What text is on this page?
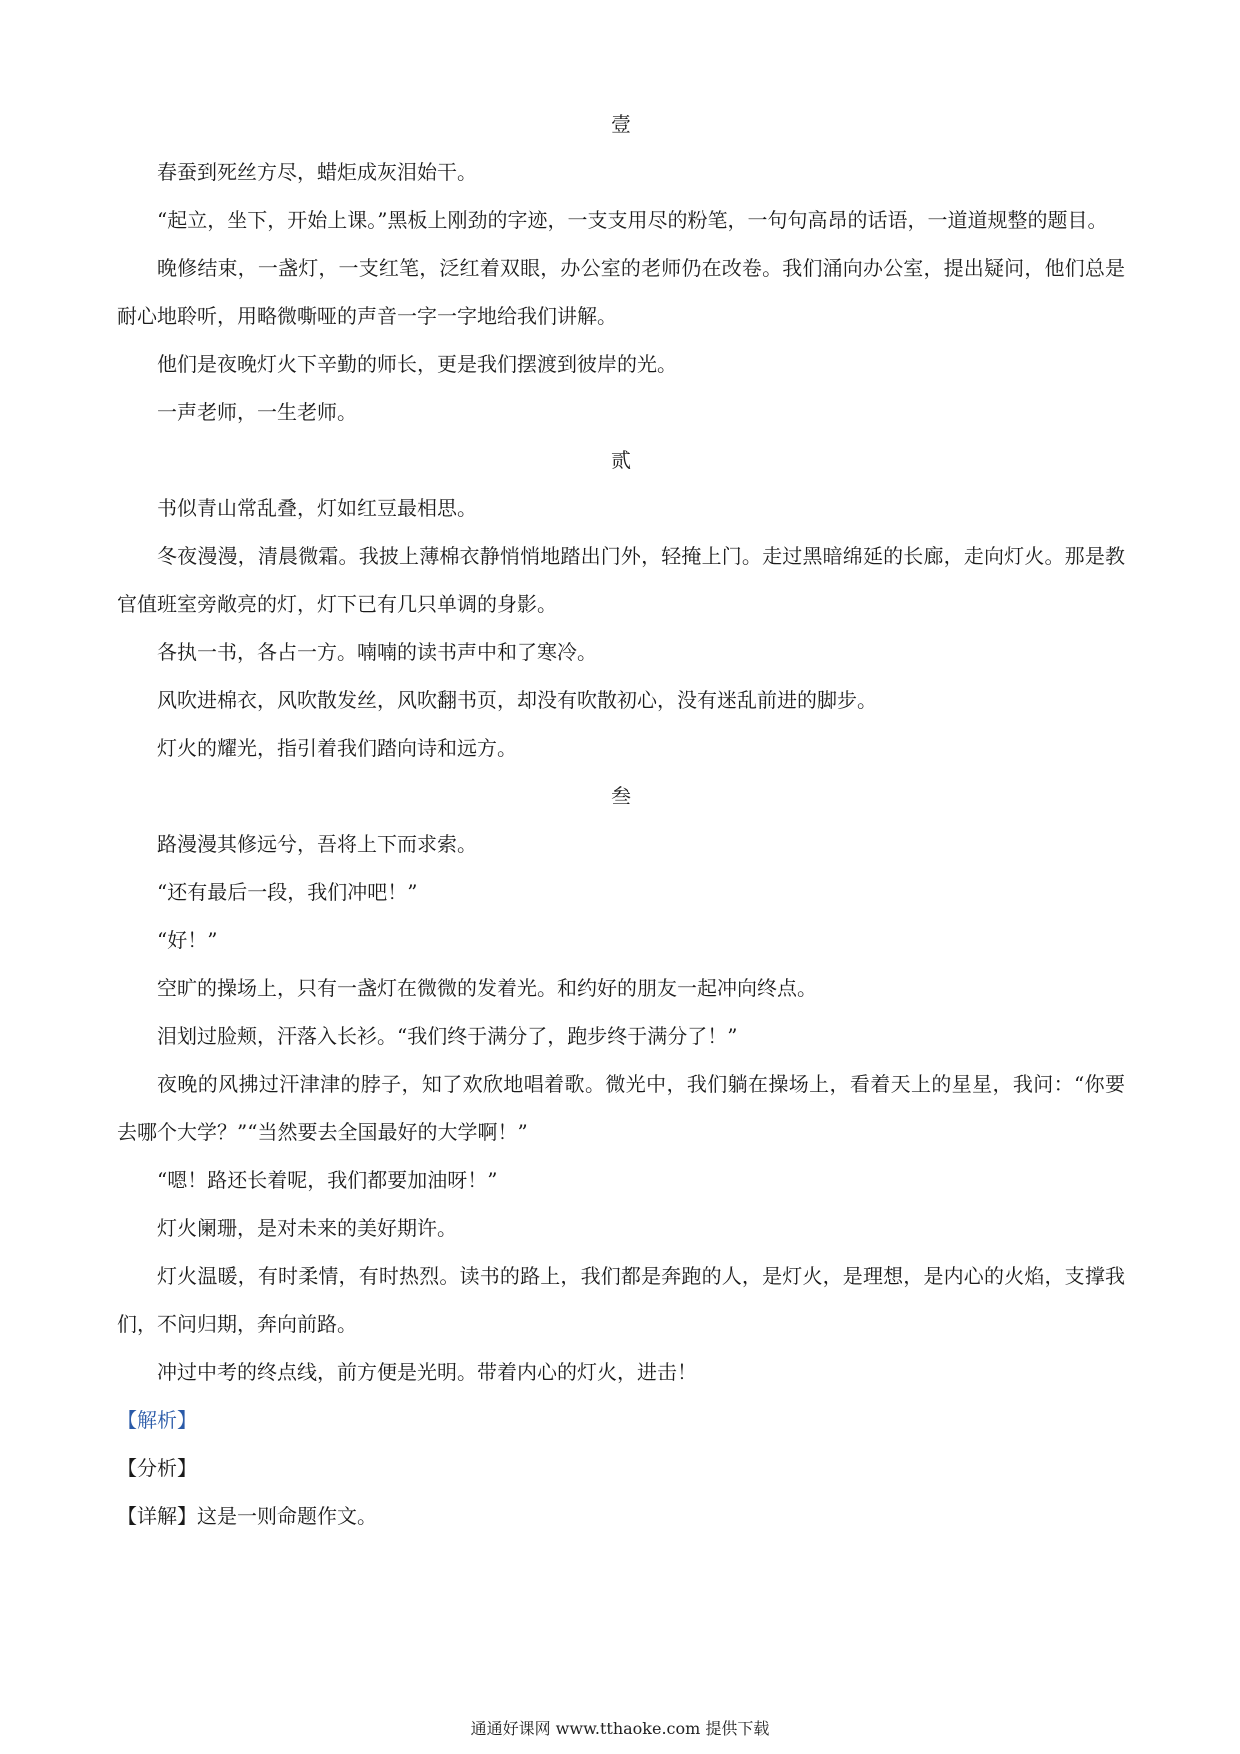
壹

春蚕到死丝方尽，蜡炬成灰泪始干。

“起立，坐下，开始上课。”黑板上刚劲的字迹，一支支用尽的粉笔，一句句高昂的话语，一道道规整的题目。

晚修结束，一盏灯，一支红笔，泛红着双眼，办公室的老师仍在改卷。我们涌向办公室，提出疑问，他们总是耐心地聆听，用略微嘶哑的声音一字一字地给我们讲解。

他们是夜晚灯火下辛勤的师长，更是我们摆渡到彼岸的光。

一声老师，一生老师。

贰

书似青山常乱叠，灯如红豆最相思。

冬夜漫漫，清晨微霜。我披上薄棉衣静悄悄地踏出门外，轻掩上门。走过黑暗绵延的长廊，走向灯火。那是教官值班室旁敞亮的灯，灯下已有几只单调的身影。

各执一书，各占一方。喃喃的读书声中和了寒冷。

风吹进棉衣，风吹散发丝，风吹翻书页，却没有吹散初心，没有迷乱前进的脚步。

灯火的耀光，指引着我们踏向诗和远方。

叁

路漫漫其修远兮，吾将上下而求索。

“还有最后一段，我们冲吧！”

“好！”

空旷的操场上，只有一盏灯在微微的发着光。和约好的朋友一起冲向终点。

泪划过脸颊，汗落入长衫。“我们终于满分了，跑步终于满分了！”

夜晚的风拂过汗津津的脖子，知了欢欣地唱着歌。微光中，我们躺在操场上，看着天上的星星，我问：“你要去哪个大学？”“当然要去全国最好的大学啊！”

“嗯！路还长着呢，我们都要加油呀！”

灯火阑珊，是对未来的美好期许。

灯火温暖，有时柔情，有时热烈。读书的路上，我们都是奔跑的人，是灯火，是理想，是内心的火焰，支撑我们，不问归期，奔向前路。

冲过中考的终点线，前方便是光明。带着内心的灯火，进击！

【解析】

【分析】

【详解】这是一则命题作文。

通通好课网 www.tthaoke.com 提供下载
